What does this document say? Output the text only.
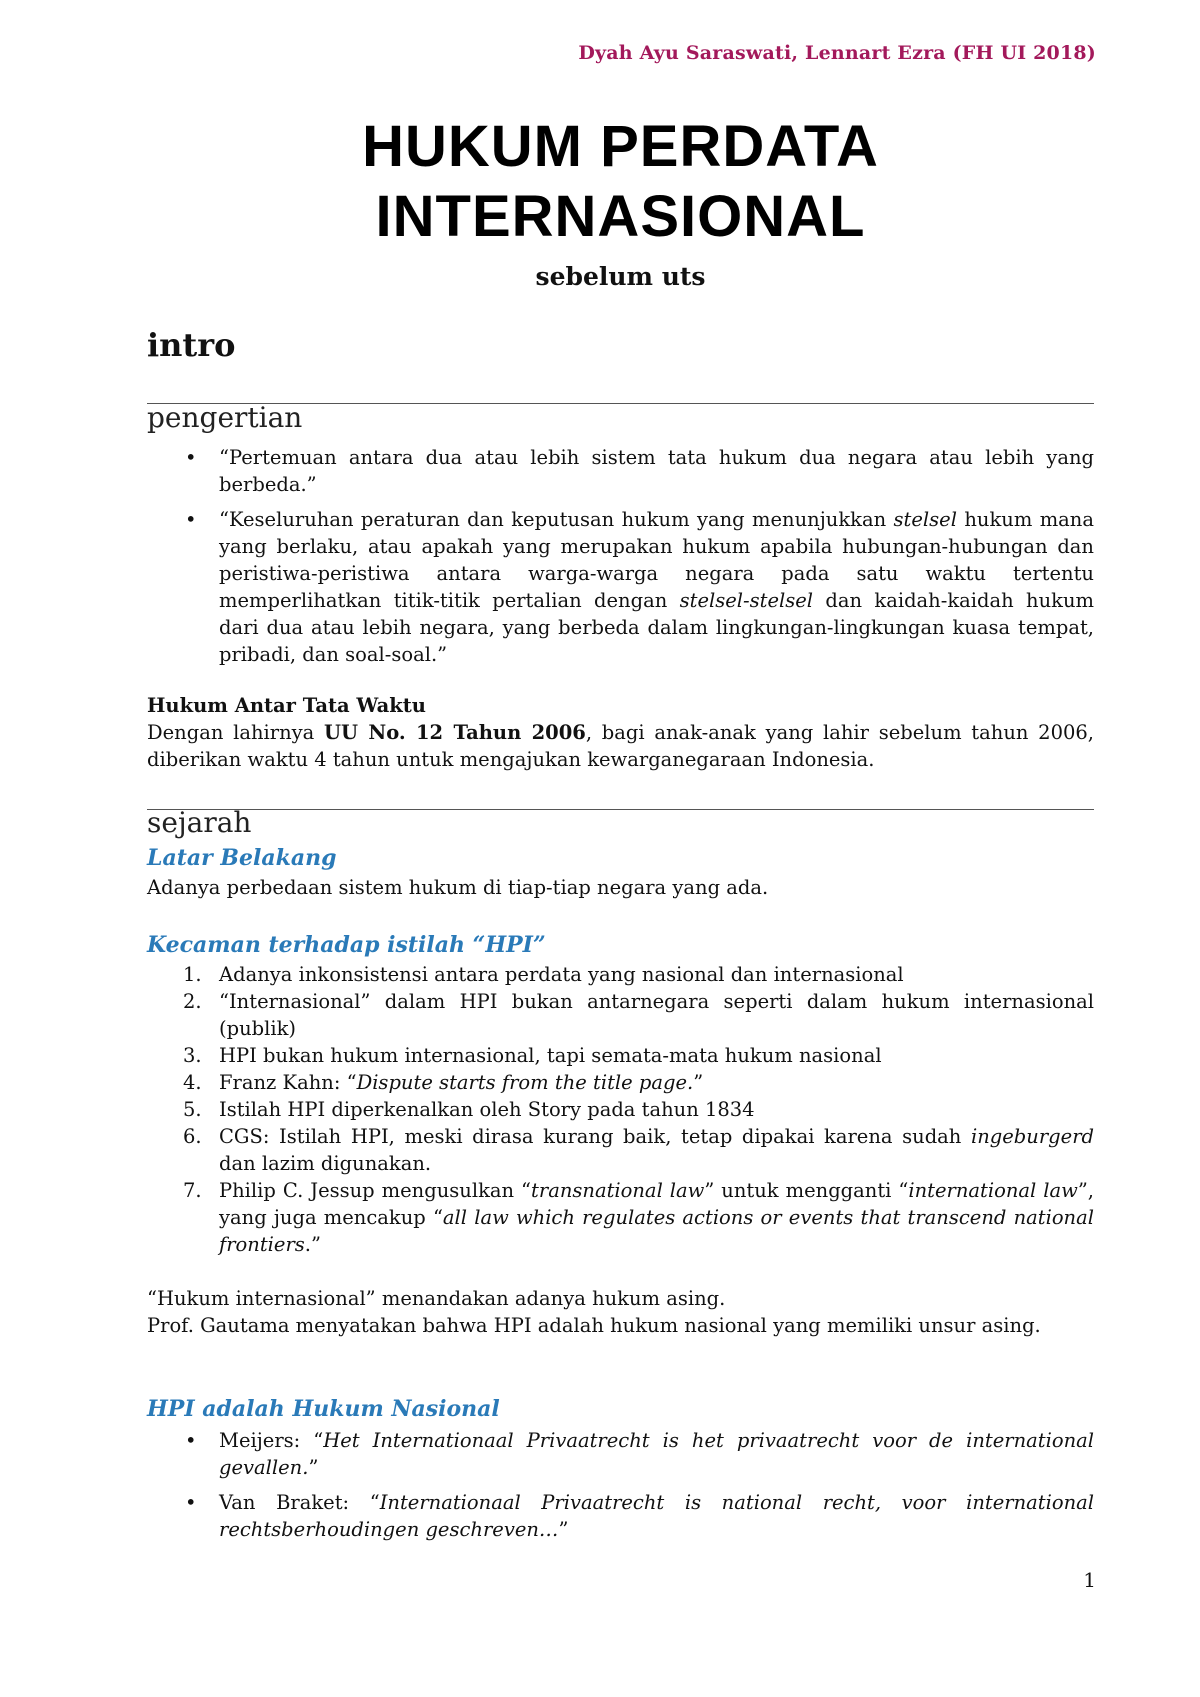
Dyah Ayu Saraswati, Lennart Ezra (FH UI 2018)
HUKUM PERDATA
INTERNASIONAL
sebelum uts
intro
pengertian
• “Pertemuan antara dua atau lebih sistem tata hukum dua negara atau lebih yang berbeda.”
• “Keseluruhan peraturan dan keputusan hukum yang menunjukkan stelsel hukum mana yang berlaku, atau apakah yang merupakan hukum apabila hubungan-hubungan dan peristiwa-peristiwa antara warga-warga negara pada satu waktu tertentu memperlihatkan titik-titik pertalian dengan stelsel-stelsel dan kaidah-kaidah hukum dari dua atau lebih negara, yang berbeda dalam lingkungan-lingkungan kuasa tempat, pribadi, dan soal-soal.”
Hukum Antar Tata Waktu
Dengan lahirnya UU No. 12 Tahun 2006, bagi anak-anak yang lahir sebelum tahun 2006, diberikan waktu 4 tahun untuk mengajukan kewarganegaraan Indonesia.
sejarah
Latar Belakang
Adanya perbedaan sistem hukum di tiap-tiap negara yang ada.
Kecaman terhadap istilah “HPI”
1. Adanya inkonsistensi antara perdata yang nasional dan internasional
2. “Internasional” dalam HPI bukan antarnegara seperti dalam hukum internasional (publik)
3. HPI bukan hukum internasional, tapi semata-mata hukum nasional
4. Franz Kahn: “Dispute starts from the title page.”
5. Istilah HPI diperkenalkan oleh Story pada tahun 1834
6. CGS: Istilah HPI, meski dirasa kurang baik, tetap dipakai karena sudah ingeburgerd dan lazim digunakan.
7. Philip C. Jessup mengusulkan “transnational law” untuk mengganti “international law”, yang juga mencakup “all law which regulates actions or events that transcend national frontiers.”
“Hukum internasional” menandakan adanya hukum asing.
Prof. Gautama menyatakan bahwa HPI adalah hukum nasional yang memiliki unsur asing.
HPI adalah Hukum Nasional
• Meijers: “Het Internationaal Privaatrecht is het privaatrecht voor de international gevallen.”
• Van Braket: “Internationaal Privaatrecht is national recht, voor international rechtsberhoudingen geschreven…”
1
